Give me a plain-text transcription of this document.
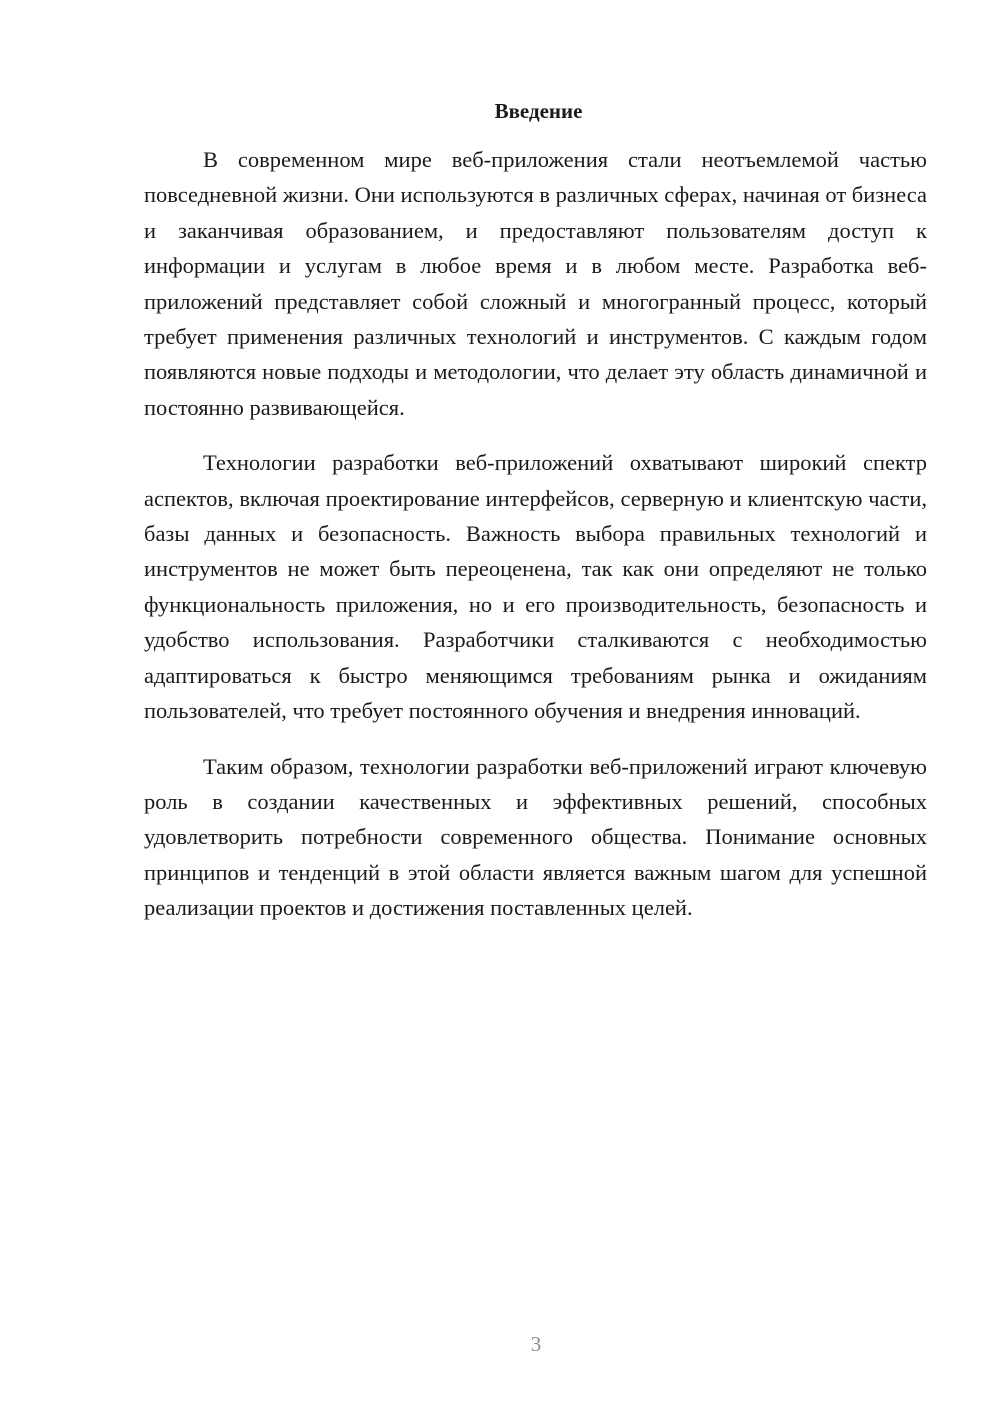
Введение

В современном мире веб-приложения стали неотъемлемой частью повседневной жизни. Они используются в различных сферах, начиная от бизнеса и заканчивая образованием, и предоставляют пользователям доступ к информации и услугам в любое время и в любом месте. Разработка веб-приложений представляет собой сложный и многогранный процесс, который требует применения различных технологий и инструментов. С каждым годом появляются новые подходы и методологии, что делает эту область динамичной и постоянно развивающейся.

Технологии разработки веб-приложений охватывают широкий спектр аспектов, включая проектирование интерфейсов, серверную и клиентскую части, базы данных и безопасность. Важность выбора правильных технологий и инструментов не может быть переоценена, так как они определяют не только функциональность приложения, но и его производительность, безопасность и удобство использования. Разработчики сталкиваются с необходимостью адаптироваться к быстро меняющимся требованиям рынка и ожиданиям пользователей, что требует постоянного обучения и внедрения инноваций.

Таким образом, технологии разработки веб-приложений играют ключевую роль в создании качественных и эффективных решений, способных удовлетворить потребности современного общества. Понимание основных принципов и тенденций в этой области является важным шагом для успешной реализации проектов и достижения поставленных целей.

3
